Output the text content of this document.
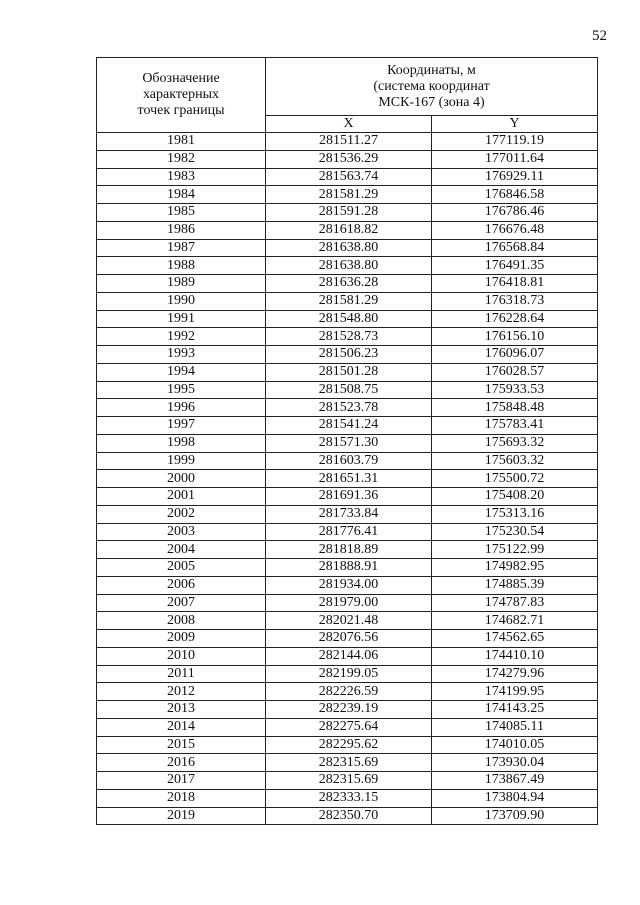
52
Обозначение
характерных
точек границы	Координаты, м
(система координат
МСК-167 (зона 4)	
	X	Y
1981	281511.27	177119.19
1982	281536.29	177011.64
1983	281563.74	176929.11
1984	281581.29	176846.58
1985	281591.28	176786.46
1986	281618.82	176676.48
1987	281638.80	176568.84
1988	281638.80	176491.35
1989	281636.28	176418.81
1990	281581.29	176318.73
1991	281548.80	176228.64
1992	281528.73	176156.10
1993	281506.23	176096.07
1994	281501.28	176028.57
1995	281508.75	175933.53
1996	281523.78	175848.48
1997	281541.24	175783.41
1998	281571.30	175693.32
1999	281603.79	175603.32
2000	281651.31	175500.72
2001	281691.36	175408.20
2002	281733.84	175313.16
2003	281776.41	175230.54
2004	281818.89	175122.99
2005	281888.91	174982.95
2006	281934.00	174885.39
2007	281979.00	174787.83
2008	282021.48	174682.71
2009	282076.56	174562.65
2010	282144.06	174410.10
2011	282199.05	174279.96
2012	282226.59	174199.95
2013	282239.19	174143.25
2014	282275.64	174085.11
2015	282295.62	174010.05
2016	282315.69	173930.04
2017	282315.69	173867.49
2018	282333.15	173804.94
2019	282350.70	173709.90
